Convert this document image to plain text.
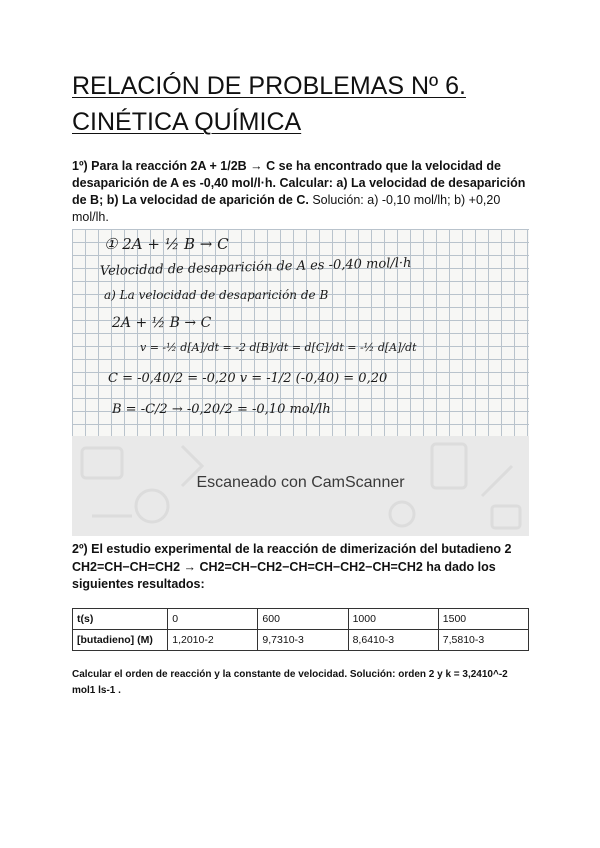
RELACIÓN DE PROBLEMAS Nº 6.
CINÉTICA QUÍMICA
1º) Para la reacción 2A + 1/2B → C se ha encontrado que la velocidad de desaparición de A es -0,40 mol/l·h. Calcular: a) La velocidad de desaparición de B; b) La velocidad de aparición de C. Solución: a) -0,10 mol/lh; b) +0,20 mol/lh.
① 2A + ½ B → C
Velocidad de desaparición de A es -0,40 mol/l·h
a) La velocidad de desaparición de B
2A + ½ B → C
v = -½ d[A]/dt = -2 d[B]/dt = d[C]/dt = -½ d[A]/dt
C = -0,40/2 = -0,20 v = -1/2 (-0,40) = 0,20
B = -C/2 → -0,20/2 = -0,10 mol/lh
Escaneado con CamScanner
2º) El estudio experimental de la reacción de dimerización del butadieno 2 CH2=CH−CH=CH2 → CH2=CH−CH2−CH=CH−CH2−CH=CH2 ha dado los siguientes resultados:
t(s)	0	600	1000	1500
[butadieno] (M)	1,2010-2	9,7310-3	8,6410-3	7,5810-3
Calcular el orden de reacción y la constante de velocidad. Solución: orden 2 y k = 3,2410^-2 mol1 ls-1 .
